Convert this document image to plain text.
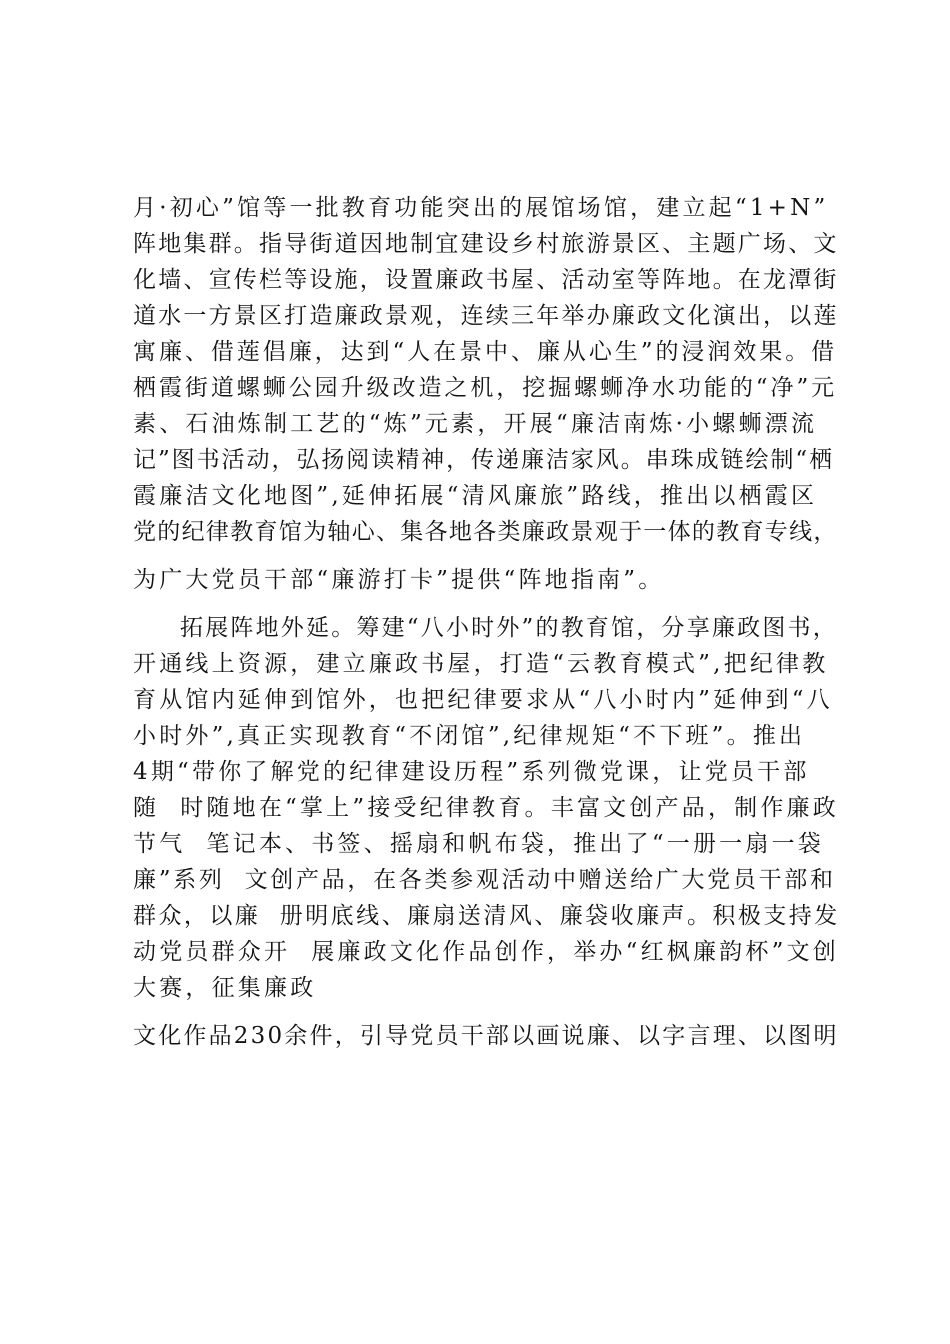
月·初心”馆等一批教育功能突出的展馆场馆，建立起“1+N”
阵地集群。指导街道因地制宜建设乡村旅游景区、主题广场、文
化墙、宣传栏等设施，设置廉政书屋、活动室等阵地。在龙潭街
道水一方景区打造廉政景观，连续三年举办廉政文化演出，以莲
寓廉、借莲倡廉，达到“人在景中、廉从心生”的浸润效果。借
栖霞街道螺蛳公园升级改造之机，挖掘螺蛳净水功能的“净”元
素、石油炼制工艺的“炼”元素，开展“廉洁南炼·小螺蛳漂流
记”图书活动，弘扬阅读精神，传递廉洁家风。串珠成链绘制“栖
霞廉洁文化地图”,延伸拓展“清风廉旅”路线，推出以栖霞区
党的纪律教育馆为轴心、集各地各类廉政景观于一体的教育专线，
为广大党员干部“廉游打卡”提供“阵地指南”。
拓展阵地外延。筹建“八小时外”的教育馆，分享廉政图书，
开通线上资源，建立廉政书屋，打造“云教育模式”,把纪律教
育从馆内延伸到馆外，也把纪律要求从“八小时内”延伸到“八
小时外”,真正实现教育“不闭馆”,纪律规矩“不下班”。推出
4期“带你了解党的纪律建设历程”系列微党课，让党员干部
随  时随地在“掌上”接受纪律教育。丰富文创产品，制作廉政
节气  笔记本、书签、摇扇和帆布袋，推出了“一册一扇一袋
廉”系列  文创产品，在各类参观活动中赠送给广大党员干部和
群众，以廉  册明底线、廉扇送清风、廉袋收廉声。积极支持发
动党员群众开  展廉政文化作品创作，举办“红枫廉韵杯”文创
大赛，征集廉政
文化作品230余件，引导党员干部以画说廉、以字言理、以图明
